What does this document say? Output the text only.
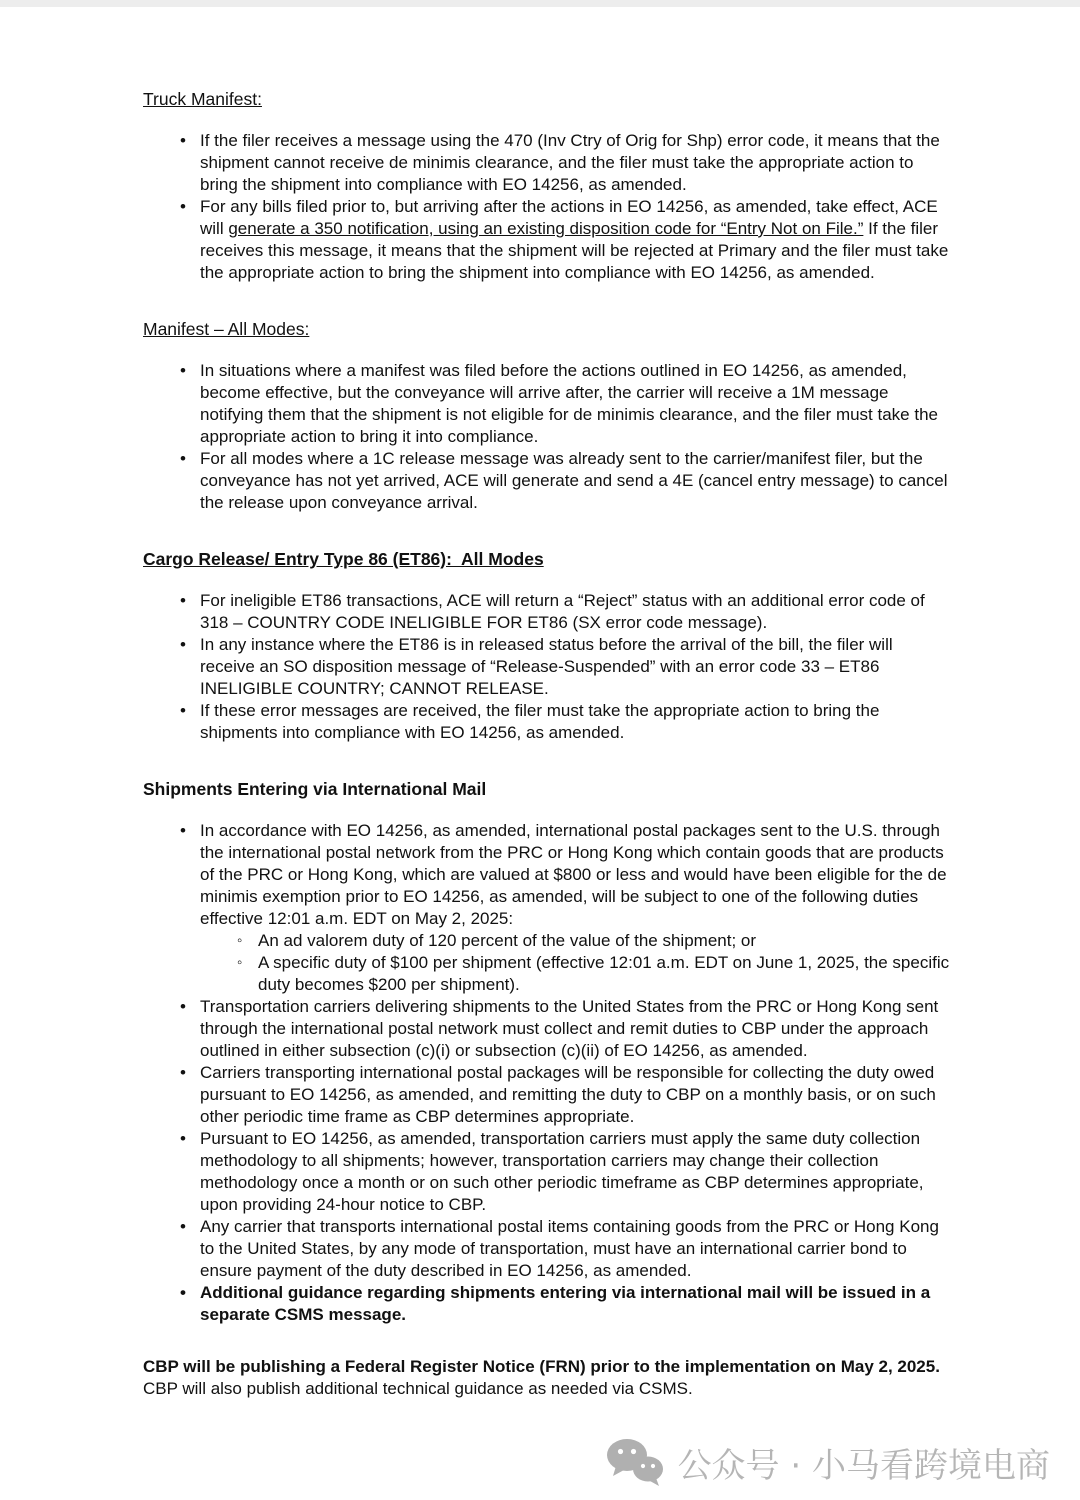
Truck Manifest:

•
If the filer receives a message using the 470 (Inv Ctry of Orig for Shp) error code, it means that the shipment cannot receive de minimis clearance, and the filer must take the appropriate action to bring the shipment into compliance with EO 14256, as amended.
•
For any bills filed prior to, but arriving after the actions in EO 14256, as amended, take effect, ACE will generate a 350 notification, using an existing disposition code for “Entry Not on File.” If the filer receives this message, it means that the shipment will be rejected at Primary and the filer must take the appropriate action to bring the shipment into compliance with EO 14256, as amended.

Manifest – All Modes:

•
In situations where a manifest was filed before the actions outlined in EO 14256, as amended, become effective, but the conveyance will arrive after, the carrier will receive a 1M message notifying them that the shipment is not eligible for de minimis clearance, and the filer must take the appropriate action to bring it into compliance.
•
For all modes where a 1C release message was already sent to the carrier/manifest filer, but the conveyance has not yet arrived, ACE will generate and send a 4E (cancel entry message) to cancel the release upon conveyance arrival.

Cargo Release/ Entry Type 86 (ET86):  All Modes

•
For ineligible ET86 transactions, ACE will return a “Reject” status with an additional error code of 318 – COUNTRY CODE INELIGIBLE FOR ET86 (SX error code message).
•
In any instance where the ET86 is in released status before the arrival of the bill, the filer will receive an SO disposition message of “Release-Suspended” with an error code 33 – ET86 INELIGIBLE COUNTRY; CANNOT RELEASE.
•
If these error messages are received, the filer must take the appropriate action to bring the shipments into compliance with EO 14256, as amended.

Shipments Entering via International Mail

•
In accordance with EO 14256, as amended, international postal packages sent to the U.S. through the international postal network from the PRC or Hong Kong which contain goods that are products of the PRC or Hong Kong, which are valued at $800 or less and would have been eligible for the de minimis exemption prior to EO 14256, as amended, will be subject to one of the following duties effective 12:01 a.m. EDT on May 2, 2025:
◦
An ad valorem duty of 120 percent of the value of the shipment; or
◦
A specific duty of $100 per shipment (effective 12:01 a.m. EDT on June 1, 2025, the specific duty becomes $200 per shipment).
•
Transportation carriers delivering shipments to the United States from the PRC or Hong Kong sent through the international postal network must collect and remit duties to CBP under the approach outlined in either subsection (c)(i) or subsection (c)(ii) of EO 14256, as amended.
•
Carriers transporting international postal packages will be responsible for collecting the duty owed pursuant to EO 14256, as amended, and remitting the duty to CBP on a monthly basis, or on such other periodic time frame as CBP determines appropriate.
•
Pursuant to EO 14256, as amended, transportation carriers must apply the same duty collection methodology to all shipments; however, transportation carriers may change their collection methodology once a month or on such other periodic timeframe as CBP determines appropriate, upon providing 24-hour notice to CBP.
•
Any carrier that transports international postal items containing goods from the PRC or Hong Kong to the United States, by any mode of transportation, must have an international carrier bond to ensure payment of the duty described in EO 14256, as amended.
•
Additional guidance regarding shipments entering via international mail will be issued in a separate CSMS message.

CBP will be publishing a Federal Register Notice (FRN) prior to the implementation on May 2, 2025.  CBP will also publish additional technical guidance as needed via CSMS.

公众号 · 小马看跨境电商
